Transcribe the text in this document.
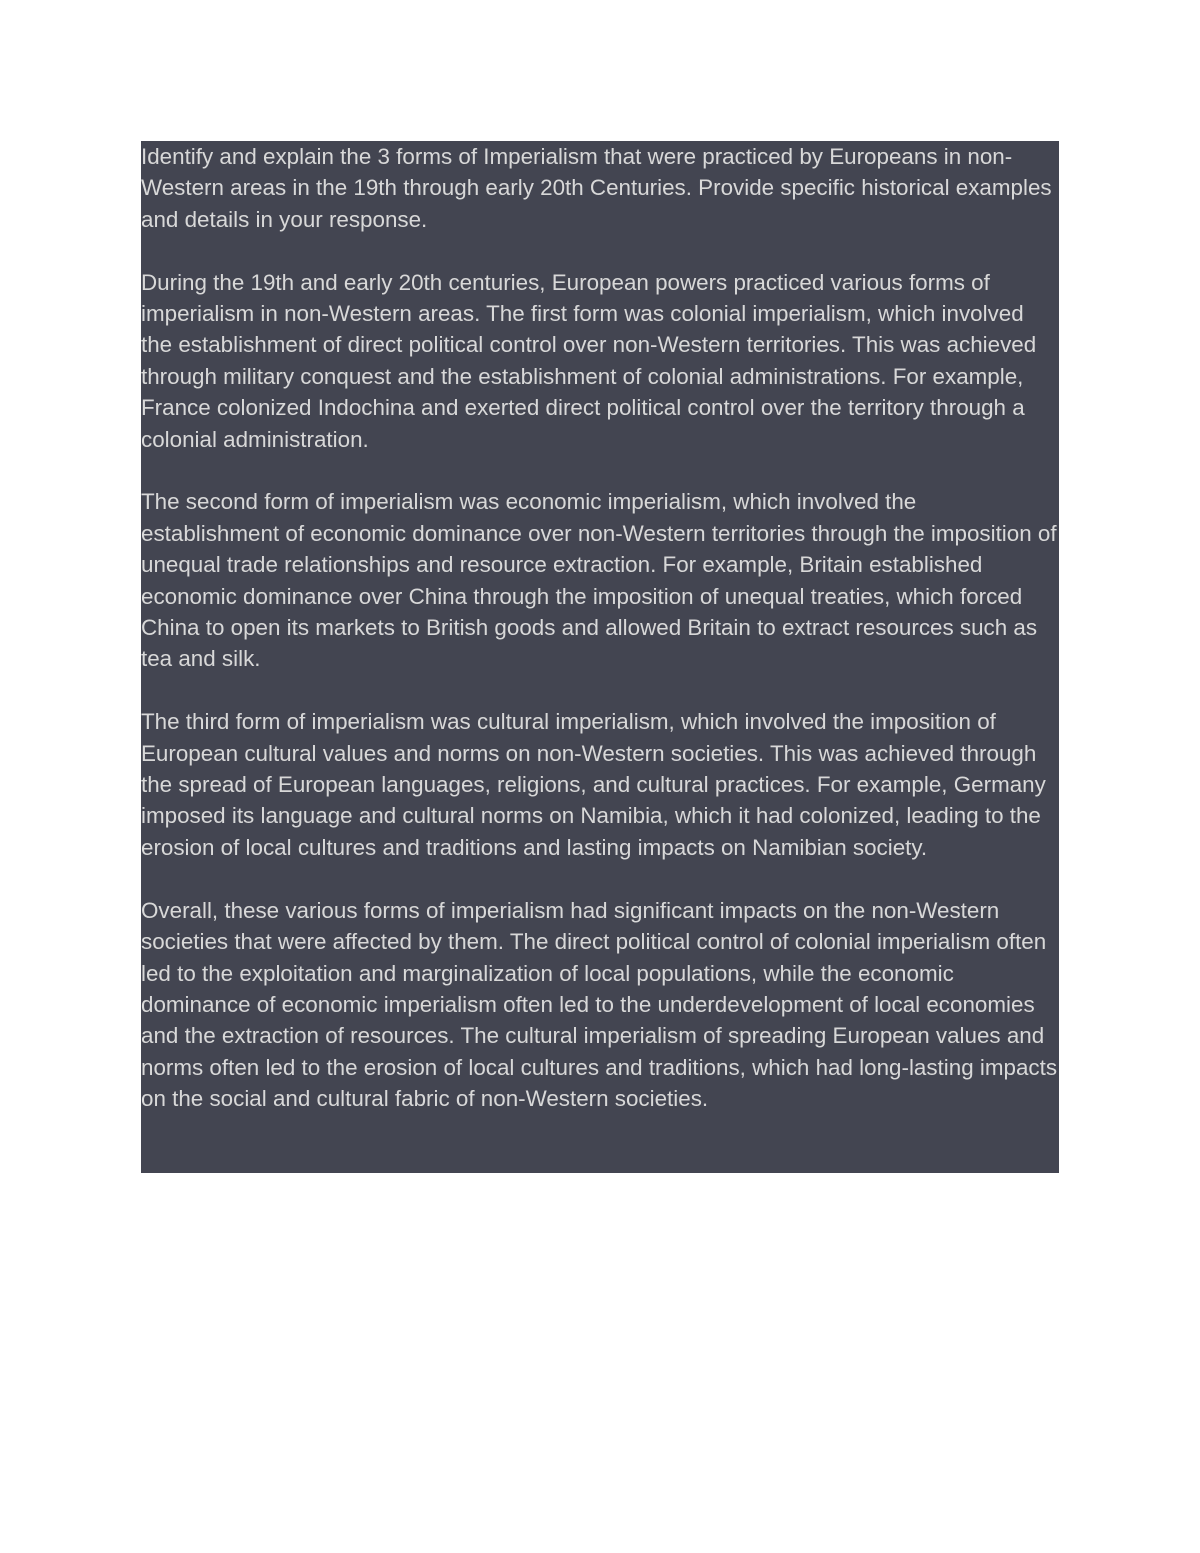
Identify and explain the 3 forms of Imperialism that were practiced by Europeans in non-Western areas in the 19th through early 20th Centuries. Provide specific historical examples and details in your response.

During the 19th and early 20th centuries, European powers practiced various forms of imperialism in non-Western areas. The first form was colonial imperialism, which involved the establishment of direct political control over non-Western territories. This was achieved through military conquest and the establishment of colonial administrations. For example, France colonized Indochina and exerted direct political control over the territory through a colonial administration.

The second form of imperialism was economic imperialism, which involved the establishment of economic dominance over non-Western territories through the imposition of unequal trade relationships and resource extraction. For example, Britain established economic dominance over China through the imposition of unequal treaties, which forced China to open its markets to British goods and allowed Britain to extract resources such as tea and silk.

The third form of imperialism was cultural imperialism, which involved the imposition of European cultural values and norms on non-Western societies. This was achieved through the spread of European languages, religions, and cultural practices. For example, Germany imposed its language and cultural norms on Namibia, which it had colonized, leading to the erosion of local cultures and traditions and lasting impacts on Namibian society.

Overall, these various forms of imperialism had significant impacts on the non-Western societies that were affected by them. The direct political control of colonial imperialism often led to the exploitation and marginalization of local populations, while the economic dominance of economic imperialism often led to the underdevelopment of local economies and the extraction of resources. The cultural imperialism of spreading European values and norms often led to the erosion of local cultures and traditions, which had long-lasting impacts on the social and cultural fabric of non-Western societies.
